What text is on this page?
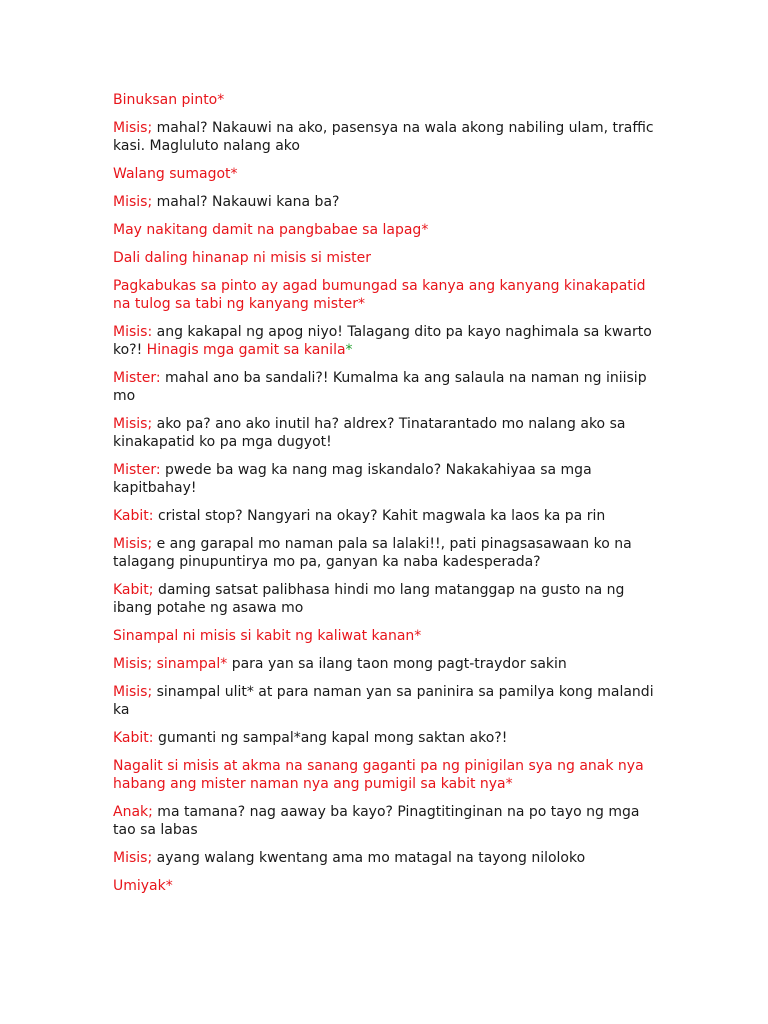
Binuksan pinto*

Misis; mahal? Nakauwi na ako, pasensya na wala akong nabiling ulam, traffic kasi. Magluluto nalang ako

Walang sumagot*

Misis; mahal? Nakauwi kana ba?

May nakitang damit na pangbabae sa lapag*

Dali daling hinanap ni misis si mister

Pagkabukas sa pinto ay agad bumungad sa kanya ang kanyang kinakapatid na tulog sa tabi ng kanyang mister*

Misis: ang kakapal ng apog niyo! Talagang dito pa kayo naghimala sa kwarto ko?! Hinagis mga gamit sa kanila*

Mister: mahal ano ba sandali?! Kumalma ka ang salaula na naman ng iniisip mo

Misis; ako pa? ano ako inutil ha? aldrex? Tinatarantado mo nalang ako sa kinakapatid ko pa mga dugyot!

Mister: pwede ba wag ka nang mag iskandalo? Nakakahiyaa sa mga kapitbahay!

Kabit: cristal stop? Nangyari na okay? Kahit magwala ka laos ka pa rin

Misis; e ang garapal mo naman pala sa lalaki!!, pati pinagsasawaan ko na talagang pinupuntirya mo pa, ganyan ka naba kadesperada?

Kabit; daming satsat palibhasa hindi mo lang matanggap na gusto na ng ibang potahe ng asawa mo

Sinampal ni misis si kabit ng kaliwat kanan*

Misis; sinampal* para yan sa ilang taon mong pagt-traydor sakin

Misis; sinampal ulit* at para naman yan sa paninira sa pamilya kong malandi ka

Kabit: gumanti ng sampal*ang kapal mong saktan ako?!

Nagalit si misis at akma na sanang gaganti pa ng pinigilan sya ng anak nya habang ang mister naman nya ang pumigil sa kabit nya*

Anak; ma tamana? nag aaway ba kayo? Pinagtitinginan na po tayo ng mga tao sa labas

Misis; ayang walang kwentang ama mo matagal na tayong niloloko

Umiyak*
